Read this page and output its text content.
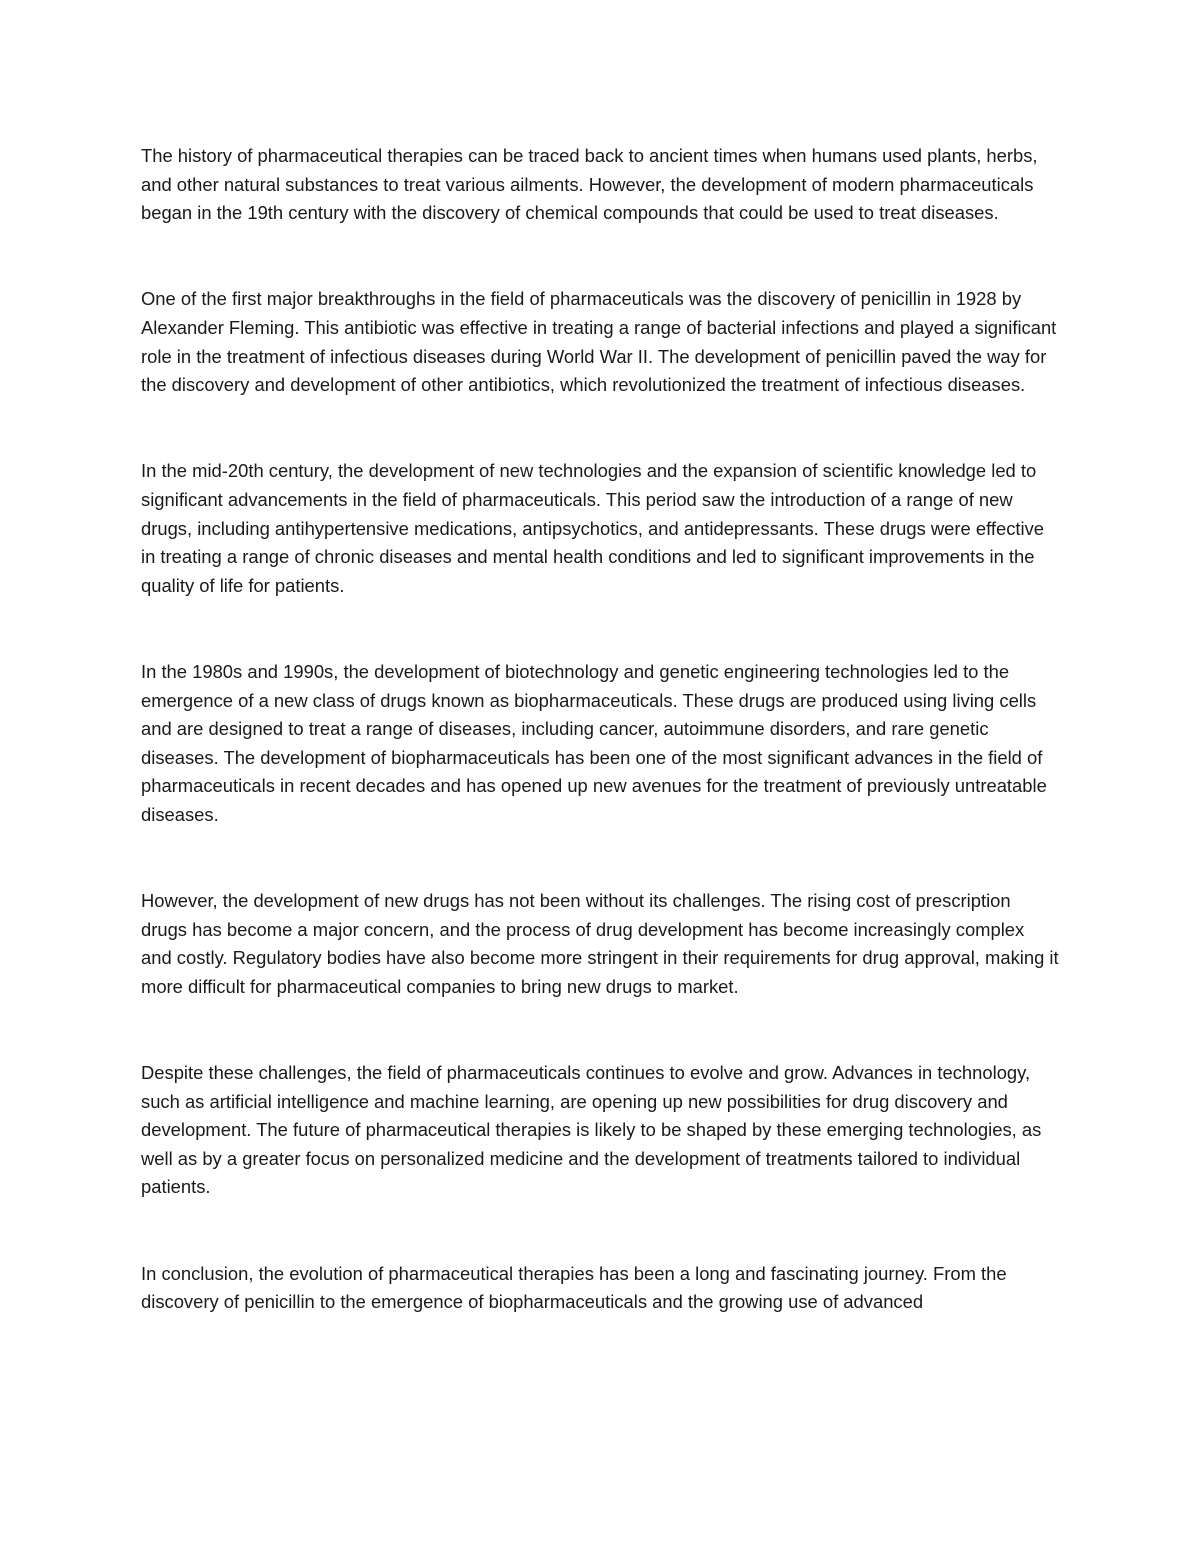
The history of pharmaceutical therapies can be traced back to ancient times when humans used plants, herbs, and other natural substances to treat various ailments. However, the development of modern pharmaceuticals began in the 19th century with the discovery of chemical compounds that could be used to treat diseases.

One of the first major breakthroughs in the field of pharmaceuticals was the discovery of penicillin in 1928 by Alexander Fleming. This antibiotic was effective in treating a range of bacterial infections and played a significant role in the treatment of infectious diseases during World War II. The development of penicillin paved the way for the discovery and development of other antibiotics, which revolutionized the treatment of infectious diseases.

In the mid-20th century, the development of new technologies and the expansion of scientific knowledge led to significant advancements in the field of pharmaceuticals. This period saw the introduction of a range of new drugs, including antihypertensive medications, antipsychotics, and antidepressants. These drugs were effective in treating a range of chronic diseases and mental health conditions and led to significant improvements in the quality of life for patients.

In the 1980s and 1990s, the development of biotechnology and genetic engineering technologies led to the emergence of a new class of drugs known as biopharmaceuticals. These drugs are produced using living cells and are designed to treat a range of diseases, including cancer, autoimmune disorders, and rare genetic diseases. The development of biopharmaceuticals has been one of the most significant advances in the field of pharmaceuticals in recent decades and has opened up new avenues for the treatment of previously untreatable diseases.

However, the development of new drugs has not been without its challenges. The rising cost of prescription drugs has become a major concern, and the process of drug development has become increasingly complex and costly. Regulatory bodies have also become more stringent in their requirements for drug approval, making it more difficult for pharmaceutical companies to bring new drugs to market.

Despite these challenges, the field of pharmaceuticals continues to evolve and grow. Advances in technology, such as artificial intelligence and machine learning, are opening up new possibilities for drug discovery and development. The future of pharmaceutical therapies is likely to be shaped by these emerging technologies, as well as by a greater focus on personalized medicine and the development of treatments tailored to individual patients.

In conclusion, the evolution of pharmaceutical therapies has been a long and fascinating journey. From the discovery of penicillin to the emergence of biopharmaceuticals and the growing use of advanced
